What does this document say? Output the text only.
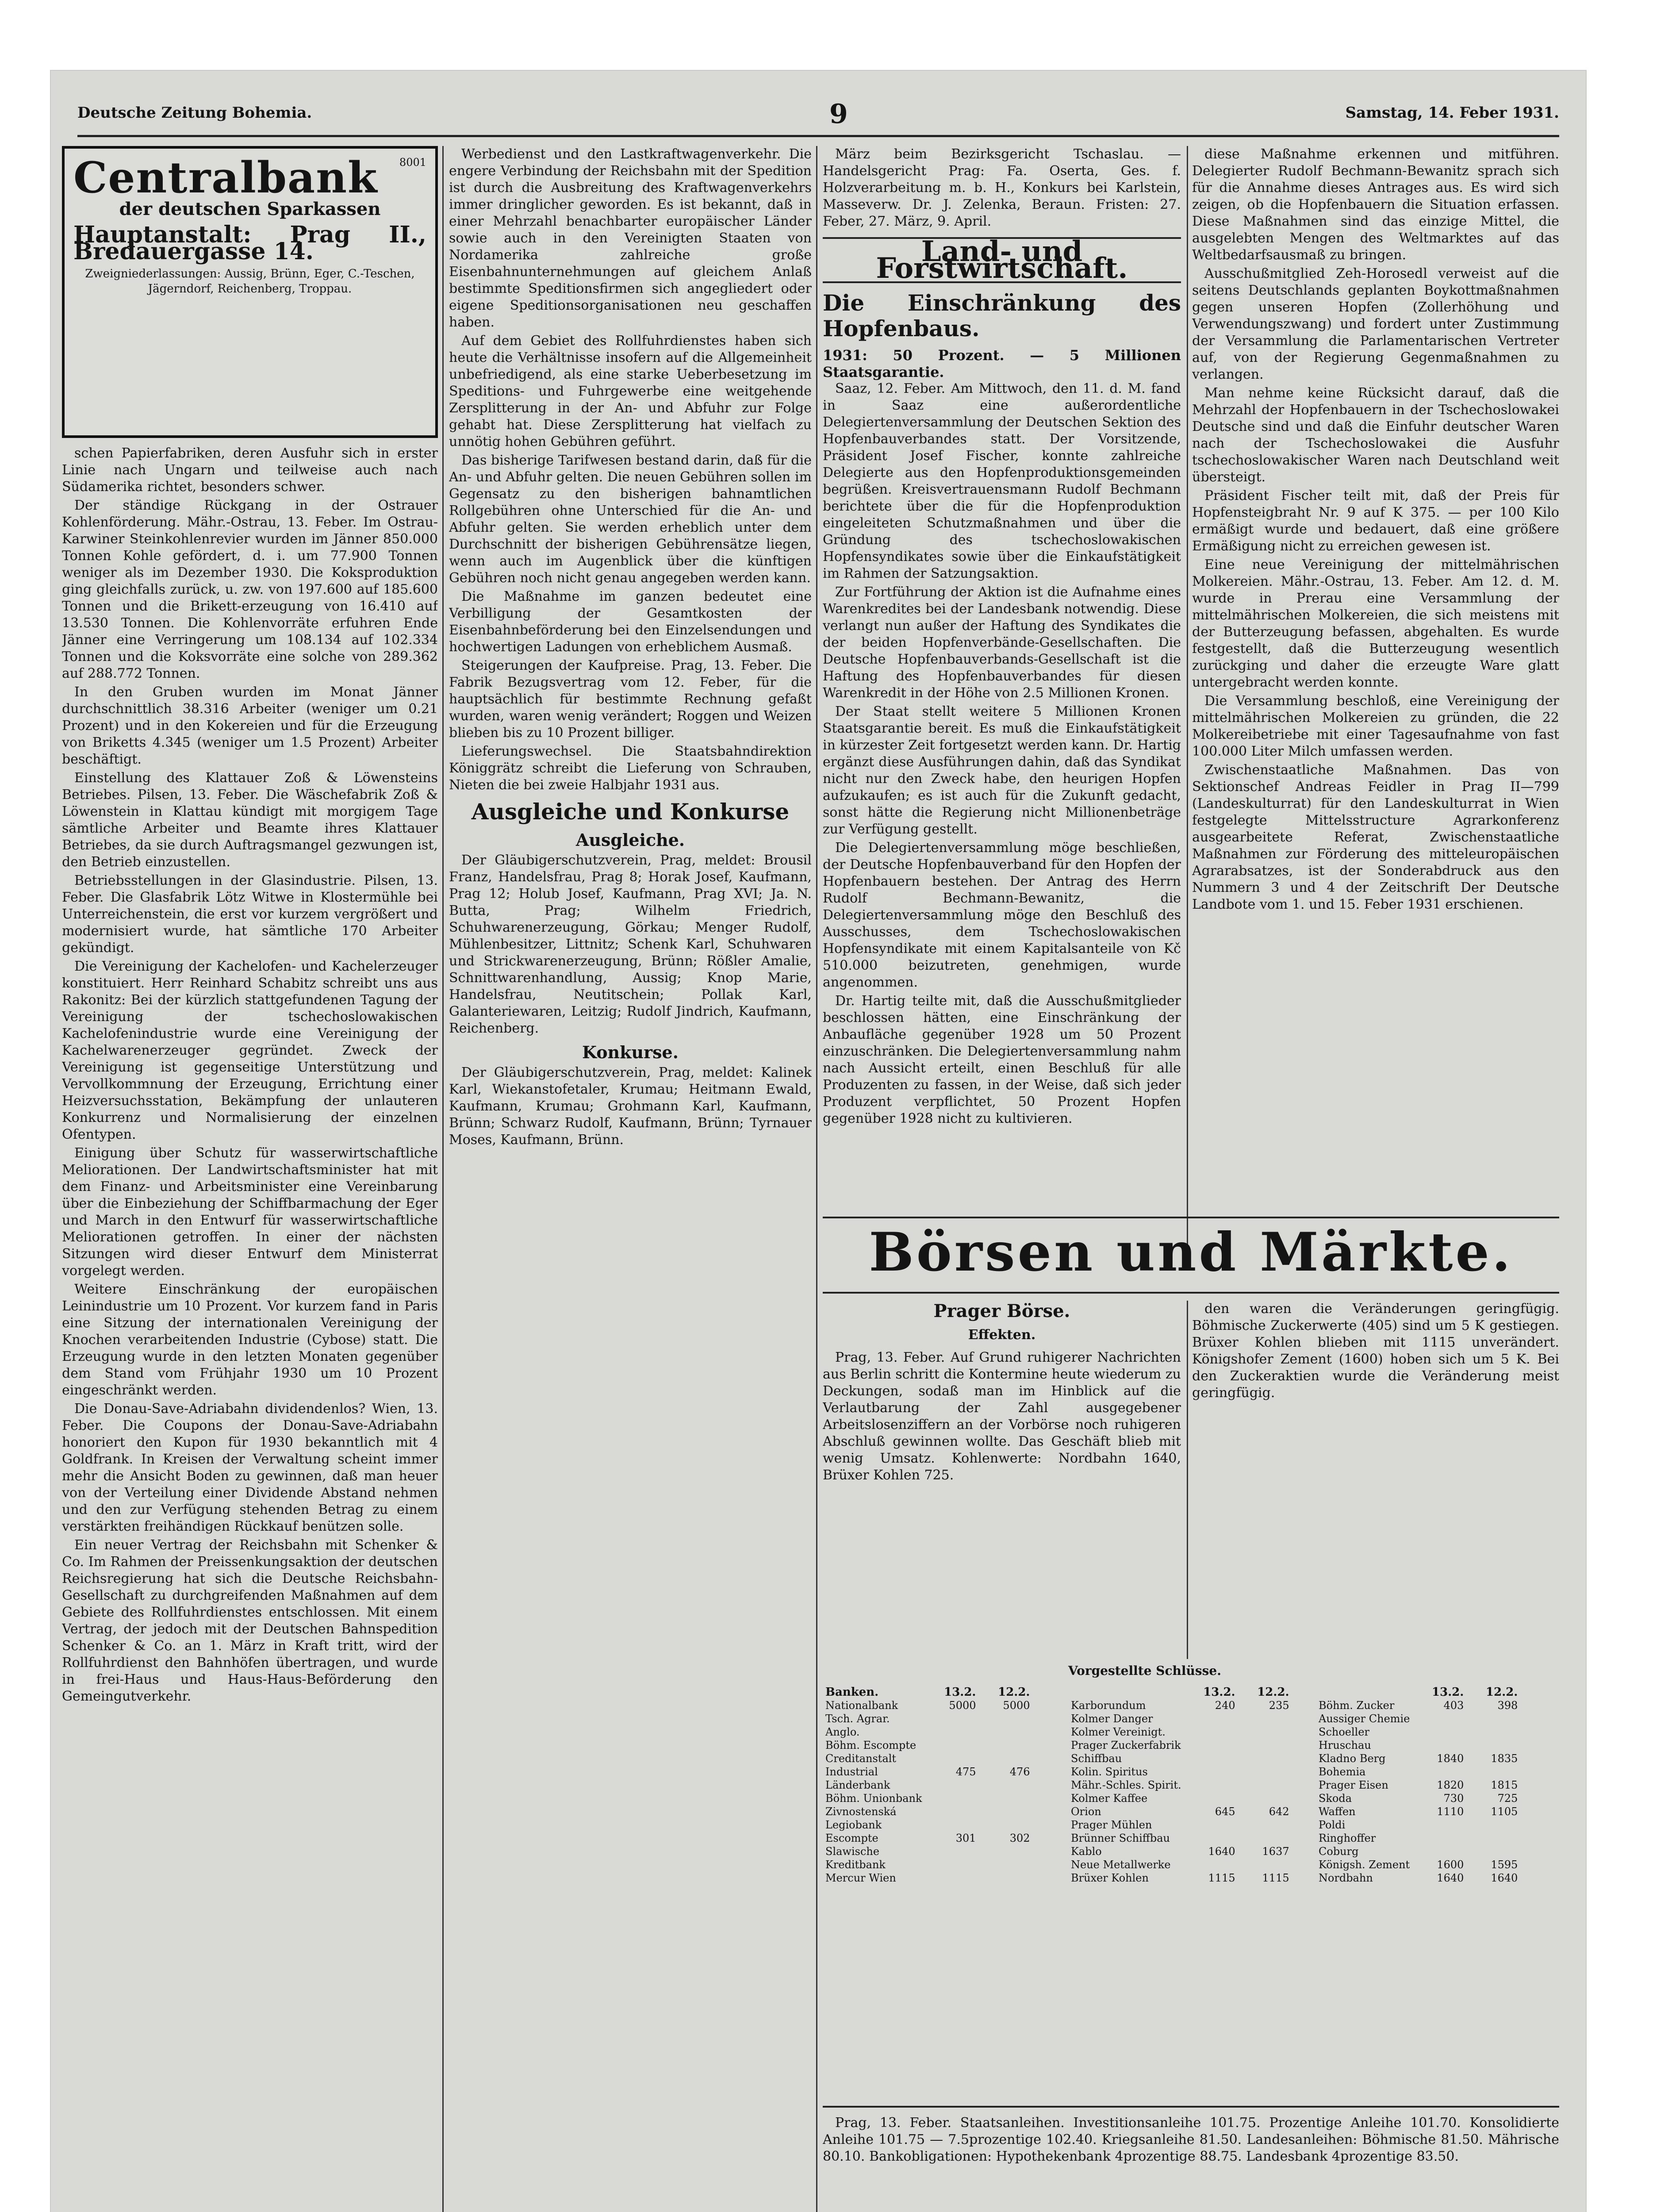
Deutsche Zeitung Bohemia.	9	Samstag, 14. Feber 1931.
8001
Centralbank
der deutschen Sparkassen
Hauptanstalt: Prag II., Bredauergasse 14.
Zweigniederlassungen: Aussig, Brünn, Eger, C.-Teschen, Jägerndorf, Reichenberg, Troppau.

schen Papierfabriken, deren Ausfuhr sich in erster Linie nach Ungarn und teilweise auch nach Südamerika richtet, besonders schwer.

Der ständige Rückgang in der Ostrauer Kohlenförderung. Mähr.-Ostrau, 13. Feber. Im Ostrau-Karwiner Steinkohlenrevier wurden im Jänner 850.000 Tonnen Kohle gefördert, d. i. um 77.900 Tonnen weniger als im Dezember 1930. Die Koksproduktion ging gleichfalls zurück, u. zw. von 197.600 auf 185.600 Tonnen und die Brikett-erzeugung von 16.410 auf 13.530 Tonnen. Die Kohlenvorräte erfuhren Ende Jänner eine Verringerung um 108.134 auf 102.334 Tonnen und die Koksvorräte eine solche von 289.362 auf 288.772 Tonnen.

In den Gruben wurden im Monat Jänner durchschnittlich 38.316 Arbeiter (weniger um 0.21 Prozent) und in den Kokereien und für die Erzeugung von Briketts 4.345 (weniger um 1.5 Prozent) Arbeiter beschäftigt.

Einstellung des Klattauer Zoß & Löwensteins Betriebes. Pilsen, 13. Feber. Die Wäschefabrik Zoß & Löwenstein in Klattau kündigt mit morgigem Tage sämtliche Arbeiter und Beamte ihres Klattauer Betriebes, da sie durch Auftragsmangel gezwungen ist, den Betrieb einzustellen.

Betriebsstellungen in der Glasindustrie. Pilsen, 13. Feber. Die Glasfabrik Lötz Witwe in Klostermühle bei Unterreichenstein, die erst vor kurzem vergrößert und modernisiert wurde, hat sämtliche 170 Arbeiter gekündigt.

Die Vereinigung der Kachelofen- und Kachelerzeuger konstituiert. Herr Reinhard Schabitz schreibt uns aus Rakonitz: Bei der kürzlich stattgefundenen Tagung der Vereinigung der tschechoslowakischen Kachelofenindustrie wurde eine Vereinigung der Kachelwarenerzeuger gegründet. Zweck der Vereinigung ist gegenseitige Unterstützung und Vervollkommnung der Erzeugung, Errichtung einer Heizversuchsstation, Bekämpfung der unlauteren Konkurrenz und Normalisierung der einzelnen Ofentypen.

Einigung über Schutz für wasserwirtschaftliche Meliorationen. Der Landwirtschaftsminister hat mit dem Finanz- und Arbeitsminister eine Vereinbarung über die Einbeziehung der Schiffbarmachung der Eger und March in den Entwurf für wasserwirtschaftliche Meliorationen getroffen. In einer der nächsten Sitzungen wird dieser Entwurf dem Ministerrat vorgelegt werden.

Weitere Einschränkung der europäischen Leinindustrie um 10 Prozent. Vor kurzem fand in Paris eine Sitzung der internationalen Vereinigung der Knochen verarbeitenden Industrie (Cybose) statt. Die Erzeugung wurde in den letzten Monaten gegenüber dem Stand vom Frühjahr 1930 um 10 Prozent eingeschränkt werden.

Die Donau-Save-Adriabahn dividendenlos? Wien, 13. Feber. Die Coupons der Donau-Save-Adriabahn honoriert den Kupon für 1930 bekanntlich mit 4 Goldfrank. In Kreisen der Verwaltung scheint immer mehr die Ansicht Boden zu gewinnen, daß man heuer von der Verteilung einer Dividende Abstand nehmen und den zur Verfügung stehenden Betrag zu einem verstärkten freihändigen Rückkauf benützen solle.

Ein neuer Vertrag der Reichsbahn mit Schenker & Co. Im Rahmen der Preissenkungsaktion der deutschen Reichsregierung hat sich die Deutsche Reichsbahn-Gesellschaft zu durchgreifenden Maßnahmen auf dem Gebiete des Rollfuhrdienstes entschlossen. Mit einem Vertrag, der jedoch mit der Deutschen Bahnspedition Schenker & Co. an 1. März in Kraft tritt, wird der Rollfuhrdienst den Bahnhöfen übertragen, und wurde in frei-Haus und Haus-Haus-Beförderung den Gemeingutverkehr.

Werbedienst und den Lastkraftwagenverkehr. Die engere Verbindung der Reichsbahn mit der Spedition ist durch die Ausbreitung des Kraftwagenverkehrs immer dringlicher geworden. Es ist bekannt, daß in einer Mehrzahl benachbarter europäischer Länder sowie auch in den Vereinigten Staaten von Nordamerika zahlreiche große Eisenbahnunternehmungen auf gleichem Anlaß bestimmte Speditionsfirmen sich angegliedert oder eigene Speditionsorganisationen neu geschaffen haben.

Auf dem Gebiet des Rollfuhrdienstes haben sich heute die Verhältnisse insofern auf die Allgemeinheit unbefriedigend, als eine starke Ueberbesetzung im Speditions- und Fuhrgewerbe eine weitgehende Zersplitterung in der An- und Abfuhr zur Folge gehabt hat. Diese Zersplitterung hat vielfach zu unnötig hohen Gebühren geführt.

Das bisherige Tarifwesen bestand darin, daß für die An- und Abfuhr gelten. Die neuen Gebühren sollen im Gegensatz zu den bisherigen bahnamtlichen Rollgebühren ohne Unterschied für die An- und Abfuhr gelten. Sie werden erheblich unter dem Durchschnitt der bisherigen Gebührensätze liegen, wenn auch im Augenblick über die künftigen Gebühren noch nicht genau angegeben werden kann.

Die Maßnahme im ganzen bedeutet eine Verbilligung der Gesamtkosten der Eisenbahnbeförderung bei den Einzelsendungen und hochwertigen Ladungen von erheblichem Ausmaß.

Steigerungen der Kaufpreise. Prag, 13. Feber. Die Fabrik Bezugsvertrag vom 12. Feber, für die hauptsächlich für bestimmte Rechnung gefaßt wurden, waren wenig verändert; Roggen und Weizen blieben bis zu 10 Prozent billiger.

Lieferungswechsel. Die Staatsbahndirektion Königgrätz schreibt die Lieferung von Schrauben, Nieten die bei zweie Halbjahr 1931 aus.

Ausgleiche und Konkurse
Ausgleiche.

Der Gläubigerschutzverein, Prag, meldet: Brousil Franz, Handelsfrau, Prag 8; Horak Josef, Kaufmann, Prag 12; Holub Josef, Kaufmann, Prag XVI; Ja. N. Butta, Prag; Wilhelm Friedrich, Schuhwarenerzeugung, Görkau; Menger Rudolf, Mühlenbesitzer, Littnitz; Schenk Karl, Schuhwaren und Strickwarenerzeugung, Brünn; Rößler Amalie, Schnittwarenhandlung, Aussig; Knop Marie, Handelsfrau, Neutitschein; Pollak Karl, Galanteriewaren, Leitzig; Rudolf Jindrich, Kaufmann, Reichenberg.

Konkurse.

Der Gläubigerschutzverein, Prag, meldet: Kalinek Karl, Wiekanstofetaler, Krumau; Heitmann Ewald, Kaufmann, Krumau; Grohmann Karl, Kaufmann, Brünn; Schwarz Rudolf, Kaufmann, Brünn; Tyrnauer Moses, Kaufmann, Brünn.

März beim Bezirksgericht Tschaslau. — Handelsgericht Prag: Fa. Oserta, Ges. f. Holzverarbeitung m. b. H., Konkurs bei Karlstein, Masseverw. Dr. J. Zelenka, Beraun. Fristen: 27. Feber, 27. März, 9. April.

Land- und Forstwirtschaft.
Die Einschränkung des Hopfenbaus.
1931: 50 Prozent. — 5 Millionen Staatsgarantie.

Saaz, 12. Feber. Am Mittwoch, den 11. d. M. fand in Saaz eine außerordentliche Delegiertenversammlung der Deutschen Sektion des Hopfenbauverbandes statt. Der Vorsitzende, Präsident Josef Fischer, konnte zahlreiche Delegierte aus den Hopfenproduktionsgemeinden begrüßen. Kreisvertrauensmann Rudolf Bechmann berichtete über die für die Hopfenproduktion eingeleiteten Schutzmaßnahmen und über die Gründung des tschechoslowakischen Hopfensyndikates sowie über die Einkaufstätigkeit im Rahmen der Satzungsaktion.

Zur Fortführung der Aktion ist die Aufnahme eines Warenkredites bei der Landesbank notwendig. Diese verlangt nun außer der Haftung des Syndikates die der beiden Hopfenverbände-Gesellschaften. Die Deutsche Hopfenbauverbands-Gesellschaft ist die Haftung des Hopfenbauverbandes für diesen Warenkredit in der Höhe von 2.5 Millionen Kronen.

Der Staat stellt weitere 5 Millionen Kronen Staatsgarantie bereit. Es muß die Einkaufstätigkeit in kürzester Zeit fortgesetzt werden kann. Dr. Hartig ergänzt diese Ausführungen dahin, daß das Syndikat nicht nur den Zweck habe, den heurigen Hopfen aufzukaufen; es ist auch für die Zukunft gedacht, sonst hätte die Regierung nicht Millionenbeträge zur Verfügung gestellt.

Die Delegiertenversammlung möge beschließen, der Deutsche Hopfenbauverband für den Hopfen der Hopfenbauern bestehen. Der Antrag des Herrn Rudolf Bechmann-Bewanitz, die Delegiertenversammlung möge den Beschluß des Ausschusses, dem Tschechoslowakischen Hopfensyndikate mit einem Kapitalsanteile von Kč 510.000 beizutreten, genehmigen, wurde angenommen.

Dr. Hartig teilte mit, daß die Ausschußmitglieder beschlossen hätten, eine Einschränkung der Anbaufläche gegenüber 1928 um 50 Prozent einzuschränken. Die Delegiertenversammlung nahm nach Aussicht erteilt, einen Beschluß für alle Produzenten zu fassen, in der Weise, daß sich jeder Produzent verpflichtet, 50 Prozent Hopfen gegenüber 1928 nicht zu kultivieren.

diese Maßnahme erkennen und mitführen. Delegierter Rudolf Bechmann-Bewanitz sprach sich für die Annahme dieses Antrages aus. Es wird sich zeigen, ob die Hopfenbauern die Situation erfassen. Diese Maßnahmen sind das einzige Mittel, die ausgelebten Mengen des Weltmarktes auf das Weltbedarfsausmaß zu bringen.

Ausschußmitglied Zeh-Horosedl verweist auf die seitens Deutschlands geplanten Boykottmaßnahmen gegen unseren Hopfen (Zollerhöhung und Verwendungszwang) und fordert unter Zustimmung der Versammlung die Parlamentarischen Vertreter auf, von der Regierung Gegenmaßnahmen zu verlangen.

Man nehme keine Rücksicht darauf, daß die Mehrzahl der Hopfenbauern in der Tschechoslowakei Deutsche sind und daß die Einfuhr deutscher Waren nach der Tschechoslowakei die Ausfuhr tschechoslowakischer Waren nach Deutschland weit übersteigt.

Präsident Fischer teilt mit, daß der Preis für Hopfensteigbraht Nr. 9 auf K 375. — per 100 Kilo ermäßigt wurde und bedauert, daß eine größere Ermäßigung nicht zu erreichen gewesen ist.

Eine neue Vereinigung der mittelmährischen Molkereien. Mähr.-Ostrau, 13. Feber. Am 12. d. M. wurde in Prerau eine Versammlung der mittelmährischen Molkereien, die sich meistens mit der Butterzeugung befassen, abgehalten. Es wurde festgestellt, daß die Butterzeugung wesentlich zurückging und daher die erzeugte Ware glatt untergebracht werden konnte.

Die Versammlung beschloß, eine Vereinigung der mittelmährischen Molkereien zu gründen, die 22 Molkereibetriebe mit einer Tagesaufnahme von fast 100.000 Liter Milch umfassen werden.

Zwischenstaatliche Maßnahmen. Das von Sektionschef Andreas Feidler in Prag II—799 (Landeskulturrat) für den Landeskulturrat in Wien festgelegte Mittelsstructure Agrarkonferenz ausgearbeitete Referat, Zwischenstaatliche Maßnahmen zur Förderung des mitteleuropäischen Agrarabsatzes, ist der Sonderabdruck aus den Nummern 3 und 4 der Zeitschrift Der Deutsche Landbote vom 1. und 15. Feber 1931 erschienen.

Börsen und Märkte.
Prager Börse.
Effekten.

Prag, 13. Feber. Auf Grund ruhigerer Nachrichten aus Berlin schritt die Kontermine heute wiederum zu Deckungen, sodaß man im Hinblick auf die Verlautbarung der Zahl ausgegebener Arbeitslosenziffern an der Vorbörse noch ruhigeren Abschluß gewinnen wollte. Das Geschäft blieb mit wenig Umsatz. Kohlenwerte: Nordbahn 1640, Brüxer Kohlen 725.

den waren die Veränderungen geringfügig. Böhmische Zuckerwerte (405) sind um 5 K gestiegen. Brüxer Kohlen blieben mit 1115 unverändert. Königshofer Zement (1600) hoben sich um 5 K. Bei den Zuckeraktien wurde die Veränderung meist geringfügig.

Vorgestellte Schlüsse.
Banken.	13.2.	12.2.
Nationalbank	5000	5000
Tsch. Agrar.		
Anglo.		
Böhm. Escompte		
Creditanstalt		
Industrial	475	476
Länderbank		
Böhm. Unionbank		
Zivnostenská		
Legiobank		
Escompte	301	302
Slawische		
Kreditbank		
Mercur Wien		
	13.2.	12.2.
Karborundum	240	235
Kolmer Danger		
Kolmer Vereinigt.		
Prager Zuckerfabrik		
Schiffbau		
Kolin. Spiritus		
Mähr.-Schles. Spirit.		
Kolmer Kaffee		
Orion	645	642
Prager Mühlen		
Brünner Schiffbau		
Kablo	1640	1637
Neue Metallwerke		
Brüxer Kohlen	1115	1115
	13.2.	12.2.
Böhm. Zucker	403	398
Aussiger Chemie		
Schoeller		
Hruschau		
Kladno Berg	1840	1835
Bohemia		
Prager Eisen	1820	1815
Skoda	730	725
Waffen	1110	1105
Poldi		
Ringhoffer		
Coburg		
Königsh. Zement	1600	1595
Nordbahn	1640	1640

Prag, 13. Feber. Staatsanleihen. Investitionsanleihe 101.75. Prozentige Anleihe 101.70. Konsolidierte Anleihe 101.75 — 7.5prozentige 102.40. Kriegsanleihe 81.50. Landesanleihen: Böhmische 81.50. Mährische 80.10. Bankobligationen: Hypothekenbank 4prozentige 88.75. Landesbank 4prozentige 83.50.
